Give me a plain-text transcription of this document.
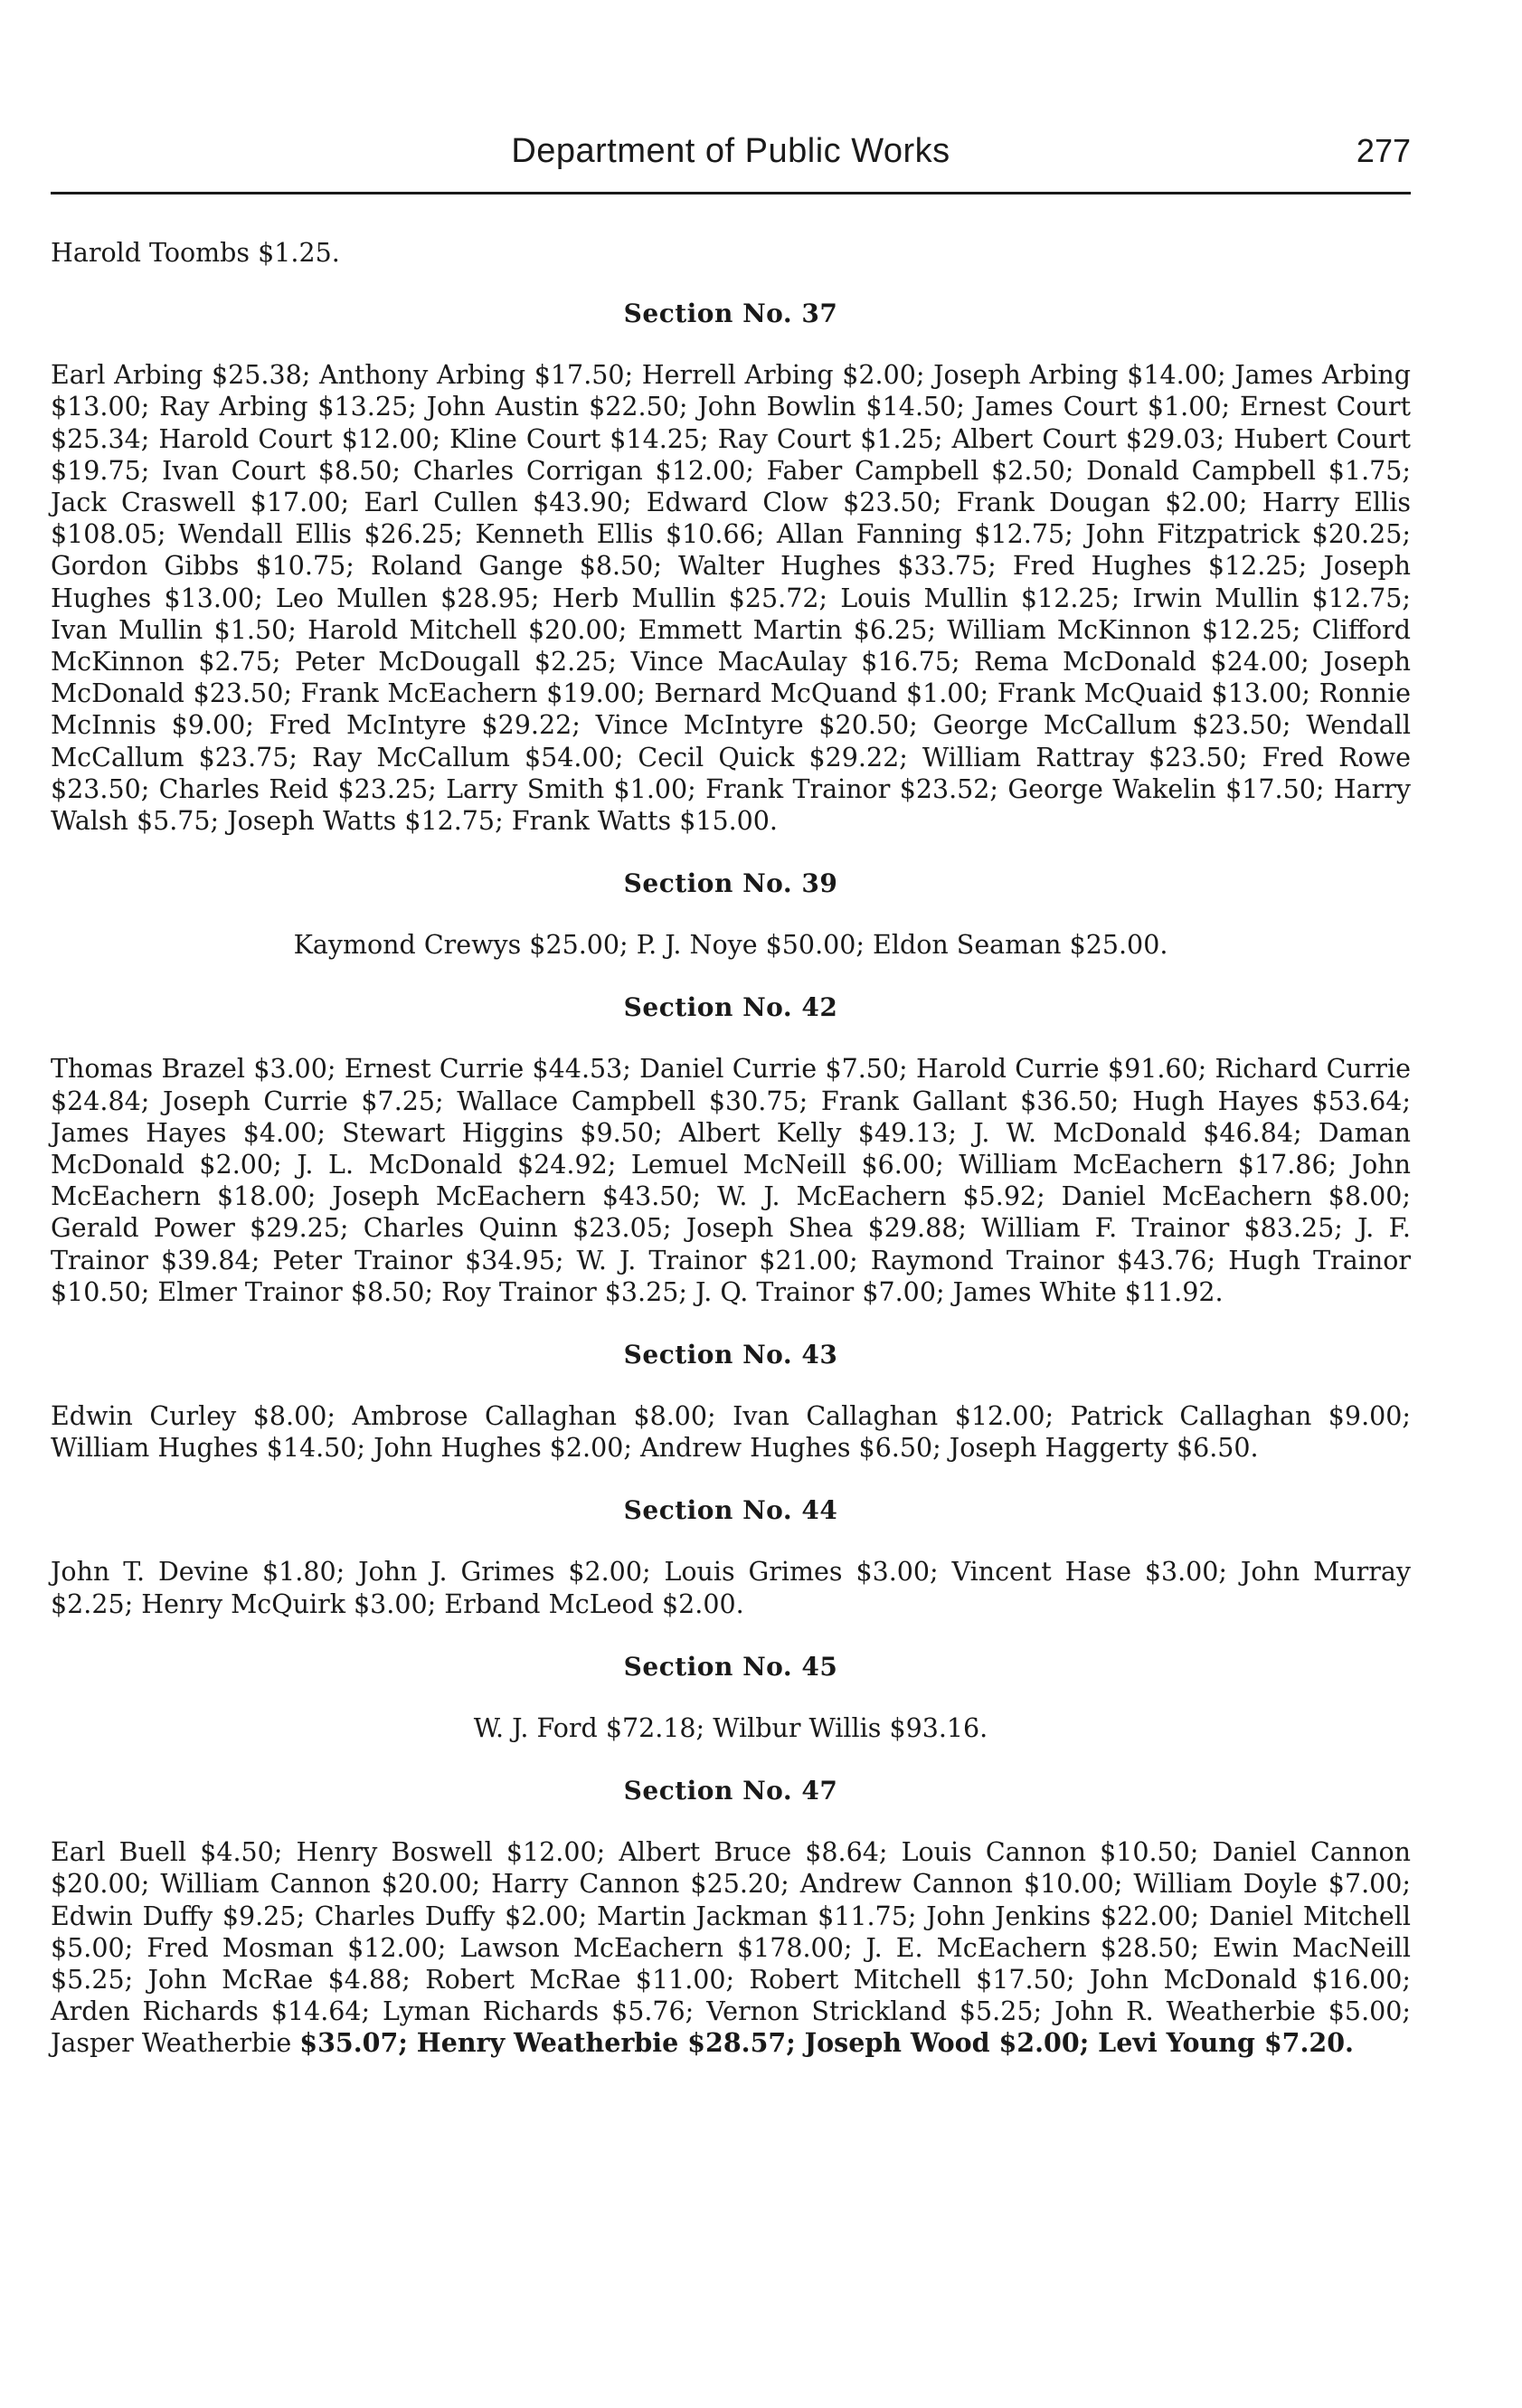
Department of Public Works	277

Harold Toombs $1.25.

Section No. 37

Earl Arbing $25.38; Anthony Arbing $17.50; Herrell Arbing $2.00; Joseph Arbing $14.00; James Arbing $13.00; Ray Arbing $13.25; John Austin $22.50; John Bowlin $14.50; James Court $1.00; Ernest Court $25.34; Harold Court $12.00; Kline Court $14.25; Ray Court $1.25; Albert Court $29.03; Hubert Court $19.75; Ivan Court $8.50; Charles Corrigan $12.00; Faber Campbell $2.50; Donald Campbell $1.75; Jack Craswell $17.00; Earl Cullen $43.90; Edward Clow $23.50; Frank Dougan $2.00; Harry Ellis $108.05; Wendall Ellis $26.25; Kenneth Ellis $10.66; Allan Fanning $12.75; John Fitzpatrick $20.25; Gordon Gibbs $10.75; Roland Gange $8.50; Walter Hughes $33.75; Fred Hughes $12.25; Joseph Hughes $13.00; Leo Mullen $28.95; Herb Mullin $25.72; Louis Mullin $12.25; Irwin Mullin $12.75; Ivan Mullin $1.50; Harold Mitchell $20.00; Emmett Martin $6.25; William McKinnon $12.25; Clifford McKinnon $2.75; Peter McDougall $2.25; Vince MacAulay $16.75; Rema McDonald $24.00; Joseph McDonald $23.50; Frank McEachern $19.00; Bernard McQuand $1.00; Frank McQuaid $13.00; Ronnie McInnis $9.00; Fred McIntyre $29.22; Vince McIntyre $20.50; George McCallum $23.50; Wendall McCallum $23.75; Ray McCallum $54.00; Cecil Quick $29.22; William Rattray $23.50; Fred Rowe $23.50; Charles Reid $23.25; Larry Smith $1.00; Frank Trainor $23.52; George Wakelin $17.50; Harry Walsh $5.75; Joseph Watts $12.75; Frank Watts $15.00.

Section No. 39

Kaymond Crewys $25.00; P. J. Noye $50.00; Eldon Seaman $25.00.

Section No. 42

Thomas Brazel $3.00; Ernest Currie $44.53; Daniel Currie $7.50; Harold Currie $91.60; Richard Currie $24.84; Joseph Currie $7.25; Wallace Campbell $30.75; Frank Gallant $36.50; Hugh Hayes $53.64; James Hayes $4.00; Stewart Higgins $9.50; Albert Kelly $49.13; J. W. McDonald $46.84; Daman McDonald $2.00; J. L. McDonald $24.92; Lemuel McNeill $6.00; William McEachern $17.86; John McEachern $18.00; Joseph McEachern $43.50; W. J. McEachern $5.92; Daniel McEachern $8.00; Gerald Power $29.25; Charles Quinn $23.05; Joseph Shea $29.88; William F. Trainor $83.25; J. F. Trainor $39.84; Peter Trainor $34.95; W. J. Trainor $21.00; Raymond Trainor $43.76; Hugh Trainor $10.50; Elmer Trainor $8.50; Roy Trainor $3.25; J. Q. Trainor $7.00; James White $11.92.

Section No. 43

Edwin Curley $8.00; Ambrose Callaghan $8.00; Ivan Callaghan $12.00; Patrick Callaghan $9.00; William Hughes $14.50; John Hughes $2.00; Andrew Hughes $6.50; Joseph Haggerty $6.50.

Section No. 44

John T. Devine $1.80; John J. Grimes $2.00; Louis Grimes $3.00; Vincent Hase $3.00; John Murray $2.25; Henry McQuirk $3.00; Erband McLeod $2.00.

Section No. 45

W. J. Ford $72.18; Wilbur Willis $93.16.

Section No. 47

Earl Buell $4.50; Henry Boswell $12.00; Albert Bruce $8.64; Louis Cannon $10.50; Daniel Cannon $20.00; William Cannon $20.00; Harry Cannon $25.20; Andrew Cannon $10.00; William Doyle $7.00; Edwin Duffy $9.25; Charles Duffy $2.00; Martin Jackman $11.75; John Jenkins $22.00; Daniel Mitchell $5.00; Fred Mosman $12.00; Lawson McEachern $178.00; J. E. McEachern $28.50; Ewin MacNeill $5.25; John McRae $4.88; Robert McRae $11.00; Robert Mitchell $17.50; John McDonald $16.00; Arden Richards $14.64; Lyman Richards $5.76; Vernon Strickland $5.25; John R. Weatherbie $5.00; Jasper Weatherbie $35.07; Henry Weatherbie $28.57; Joseph Wood $2.00; Levi Young $7.20.
